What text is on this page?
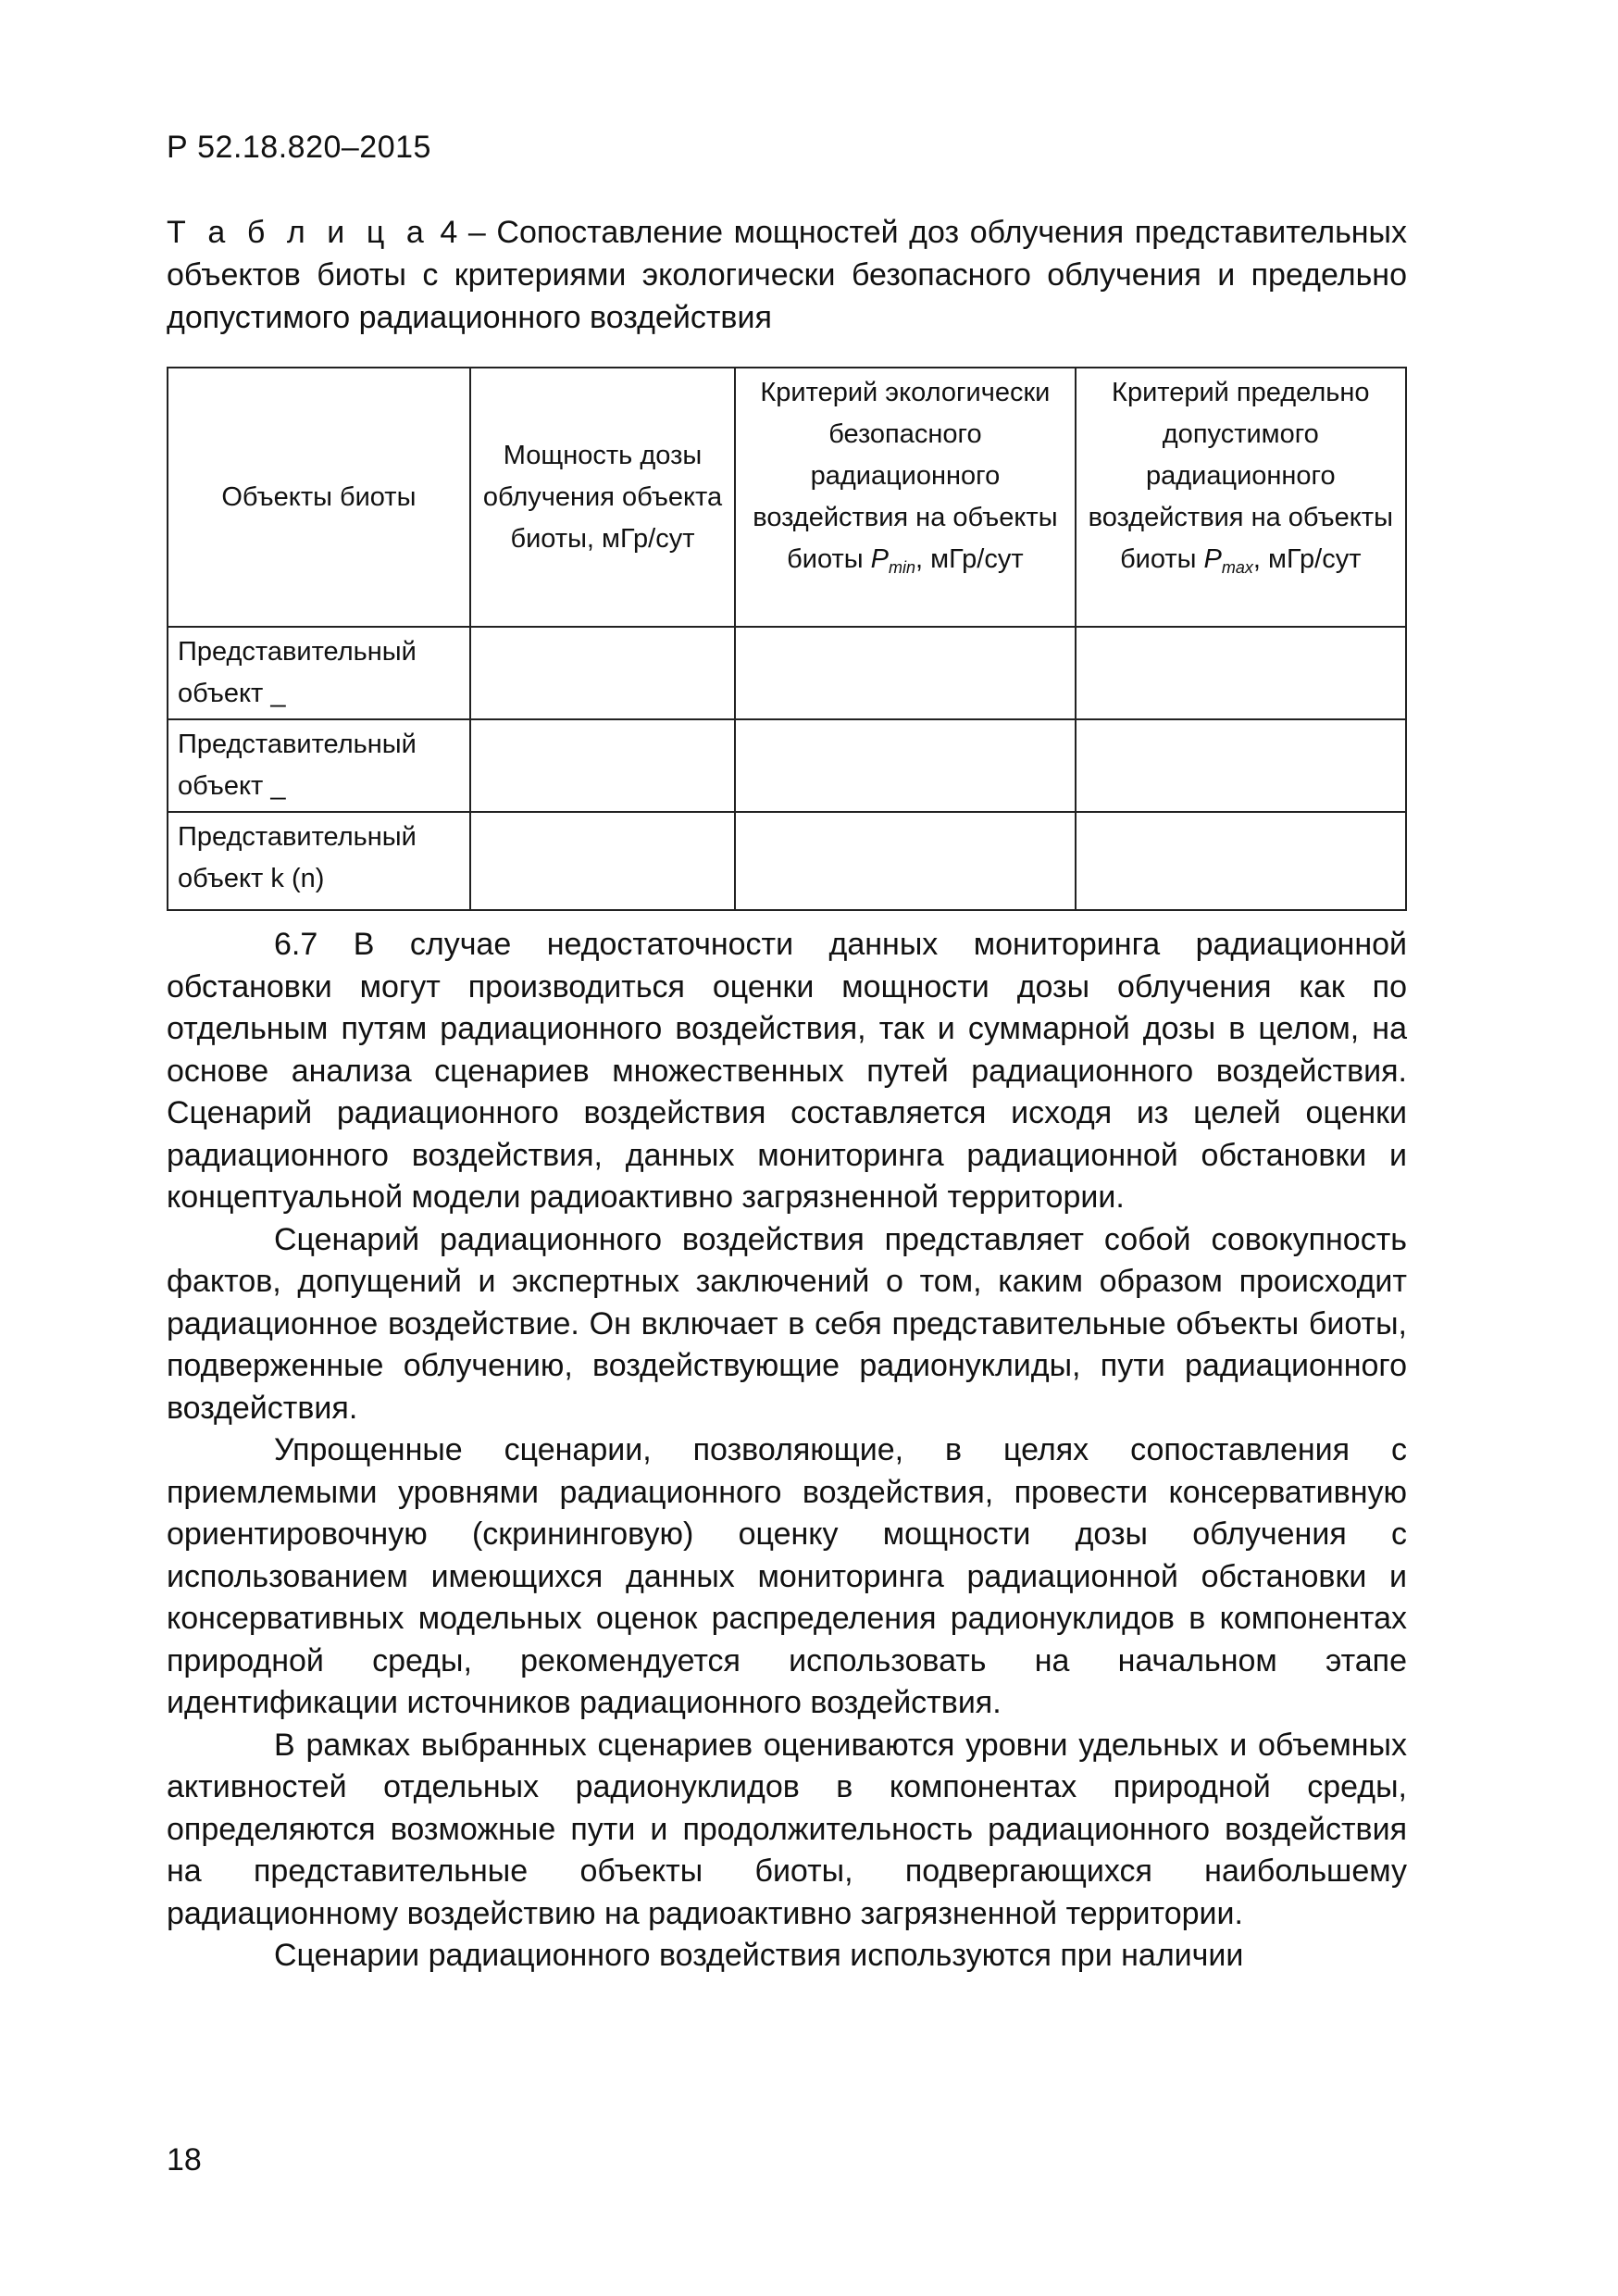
Р 52.18.820–2015
Т а б л и ц а 4 – Сопоставление мощностей доз облучения представительных объектов биоты с критериями экологически безопасного облучения и предельно допустимого радиационного воздействия
Объекты биоты	Мощность дозы облучения объекта биоты, мГр/сут	Критерий экологически безопасного радиационного воздействия на объекты биоты $P_{min}$, мГр/сут	Критерий предельно допустимого радиационного воздействия на объекты биоты $P_{max}$, мГр/сут
Представительный объект _			
Представительный объект _			
Представительный объект k (n)			

6.7 В случае недостаточности данных мониторинга радиационной обстановки могут производиться оценки мощности дозы облучения как по отдельным путям радиационного воздействия, так и суммарной дозы в целом, на основе анализа сценариев множественных путей радиационного воздействия. Сценарий радиационного воздействия составляется исходя из целей оценки радиационного воздействия, данных мониторинга радиационной обстановки и концептуальной модели радиоактивно загрязненной территории.

Сценарий радиационного воздействия представляет собой совокупность фактов, допущений и экспертных заключений о том, каким образом происходит радиационное воздействие. Он включает в себя представительные объекты биоты, подверженные облучению, воздействующие радионуклиды, пути радиационного воздействия.

Упрощенные сценарии, позволяющие, в целях сопоставления с приемлемыми уровнями радиационного воздействия, провести консервативную ориентировочную (скрининговую) оценку мощности дозы облучения с использованием имеющихся данных мониторинга радиационной обстановки и консервативных модельных оценок распределения радионуклидов в компонентах природной среды, рекомендуется использовать на начальном этапе идентификации источников радиационного воздействия.

В рамках выбранных сценариев оцениваются уровни удельных и объемных активностей отдельных радионуклидов в компонентах природной среды, определяются возможные пути и продолжительность радиационного воздействия на представительные объекты биоты, подвергающихся наибольшему радиационному воздействию на радиоактивно загрязненной территории.

Сценарии радиационного воздействия используются при наличии

18
